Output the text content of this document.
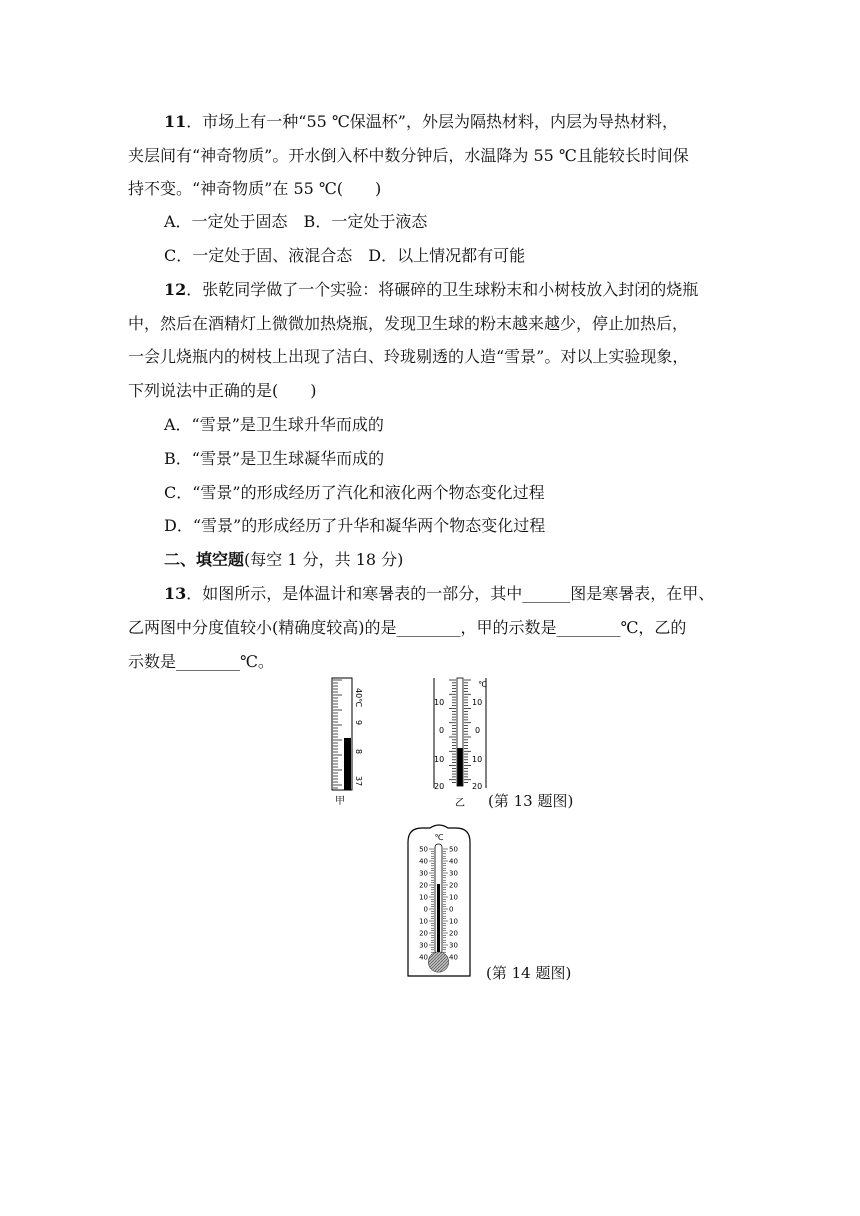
11．市场上有一种“55 ℃保温杯”，外层为隔热材料，内层为导热材料，
夹层间有“神奇物质”。开水倒入杯中数分钟后，水温降为 55 ℃且能较长时间保
持不变。“神奇物质”在 55 ℃(　　)
A．一定处于固态　B．一定处于液态
C．一定处于固、液混合态　D．以上情况都有可能
12．张乾同学做了一个实验：将碾碎的卫生球粉末和小树枝放入封闭的烧瓶
中，然后在酒精灯上微微加热烧瓶，发现卫生球的粉末越来越少，停止加热后，
一会儿烧瓶内的树枝上出现了洁白、玲珑剔透的人造“雪景”。对以上实验现象，
下列说法中正确的是(　　)
A．“雪景”是卫生球升华而成的
B．“雪景”是卫生球凝华而成的
C．“雪景”的形成经历了汽化和液化两个物态变化过程
D．“雪景”的形成经历了升华和凝华两个物态变化过程
二、填空题(每空 1 分，共 18 分)
13．如图所示，是体温计和寒暑表的一部分，其中______图是寒暑表，在甲、
乙两图中分度值较小(精确度较高)的是________，甲的示数是________℃，乙的
示数是________℃。
40℃
9
8
37
甲
℃
10	10
0	0
10	10
20	20
乙 (第 13 题图)
℃
50
40
30
20
10
0
10
20
30
40
50
40
30
20
10
0
10
20
30
40
(第 14 题图)
